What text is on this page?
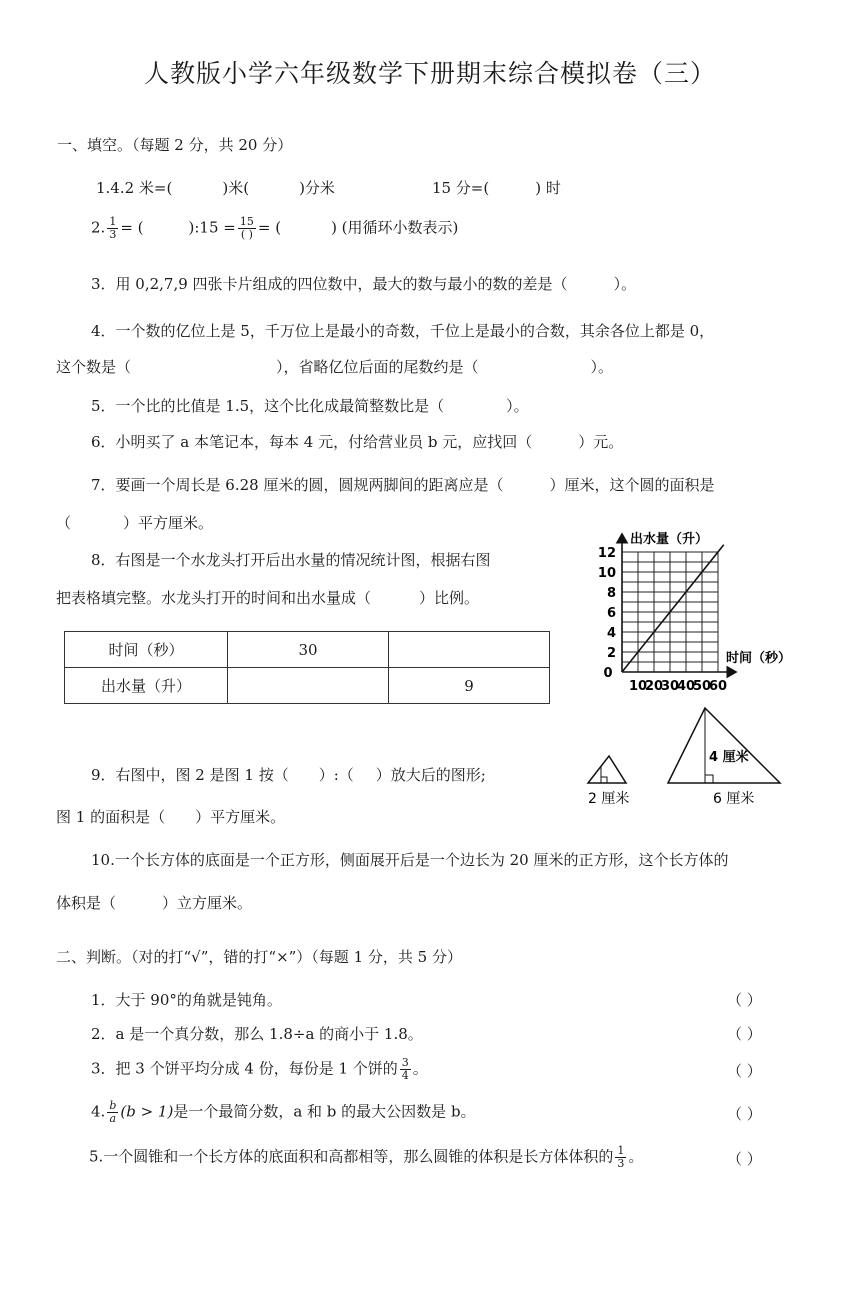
人教版小学六年级数学下册期末综合模拟卷（三）
一、填空。（每题 2 分，共 20 分）
1.4.2 米=(	)米(	)分米	15 分=(	) 时
2. $\frac{1}{3}$ = (	):15 = $\frac{15}{( )}$ = (	) (用循环小数表示)
3．用 0,2,7,9 四张卡片组成的四位数中，最大的数与最小的数的差是（	）。
4．一个数的亿位上是 5，千万位上是最小的奇数，千位上是最小的合数，其余各位上都是 0，
这个数是（	），省略亿位后面的尾数约是（	）。
5．一个比的比值是 1.5，这个比化成最简整数比是（	）。
6．小明买了 a 本笔记本，每本 4 元，付给营业员 b 元，应找回（	）元。
7．要画一个周长是 6.28 厘米的圆，圆规两脚间的距离应是（	）厘米，这个圆的面积是
（	）平方厘米。
8．右图是一个水龙头打开后出水量的情况统计图，根据右图
把表格填完整。水龙头打开的时间和出水量成（	）比例。
时间（秒）	30	
出水量（升）		9
0
10
20
30
40
50
60
2
4
6
8
10
12
出水量（升）
时间（秒）
9．右图中，图 2 是图 1 按（ ）:（ ）放大后的图形;
图 1 的面积是（ ）平方厘米。
2 厘米
4 厘米
6 厘米
10.一个长方体的底面是一个正方形，侧面展开后是一个边长为 20 厘米的正方形，这个长方体的
体积是（	）立方厘米。
二、判断。（对的打“√”，错的打“×”）（每题 1 分，共 5 分）
1．大于 90°的角就是钝角。	（ ）
2．a 是一个真分数，那么 1.8÷a 的商小于 1.8。	（ ）
3．把 3 个饼平均分成 4 份，每份是 1 个饼的 $\frac{3}{4}$ 。	（ ）
4. $\frac{b}{a} (b > 1)$是一个最简分数，a 和 b 的最大公因数是 b。	（ ）
5.一个圆锥和一个长方体的底面积和高都相等，那么圆锥的体积是长方体体积的 $\frac{1}{3}$ 。	（ ）
